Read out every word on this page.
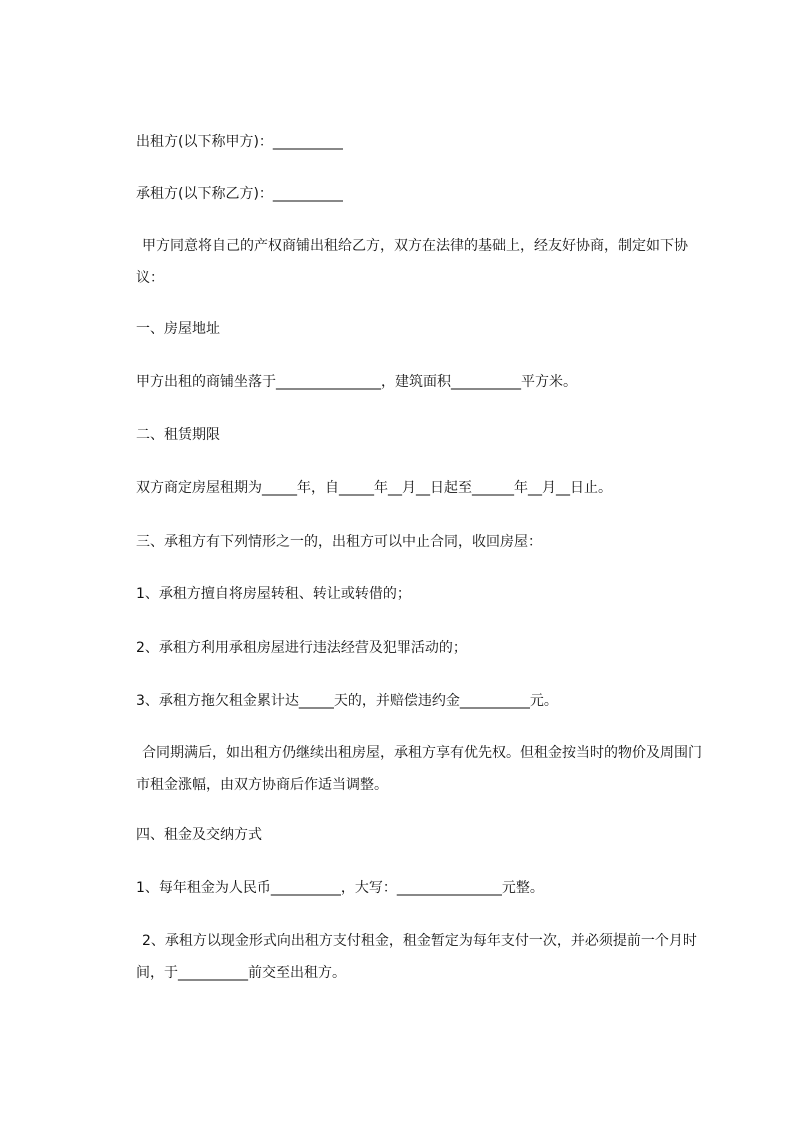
出租方(以下称甲方)：__________
承租方(以下称乙方)：__________
甲方同意将自己的产权商铺出租给乙方，双方在法律的基础上，经友好协商，制定如下协议：
一、房屋地址
甲方出租的商铺坐落于_______________，建筑面积__________平方米。
二、租赁期限
双方商定房屋租期为_____年，自_____年__月__日起至______年__月__日止。
三、承租方有下列情形之一的，出租方可以中止合同，收回房屋：
1、承租方擅自将房屋转租、转让或转借的；
2、承租方利用承租房屋进行违法经营及犯罪活动的；
3、承租方拖欠租金累计达_____天的，并赔偿违约金__________元。
合同期满后，如出租方仍继续出租房屋，承租方享有优先权。但租金按当时的物价及周围门市租金涨幅，由双方协商后作适当调整。
四、租金及交纳方式
1、每年租金为人民币__________，大写：_______________元整。
2、承租方以现金形式向出租方支付租金，租金暂定为每年支付一次，并必须提前一个月时间，于__________前交至出租方。
